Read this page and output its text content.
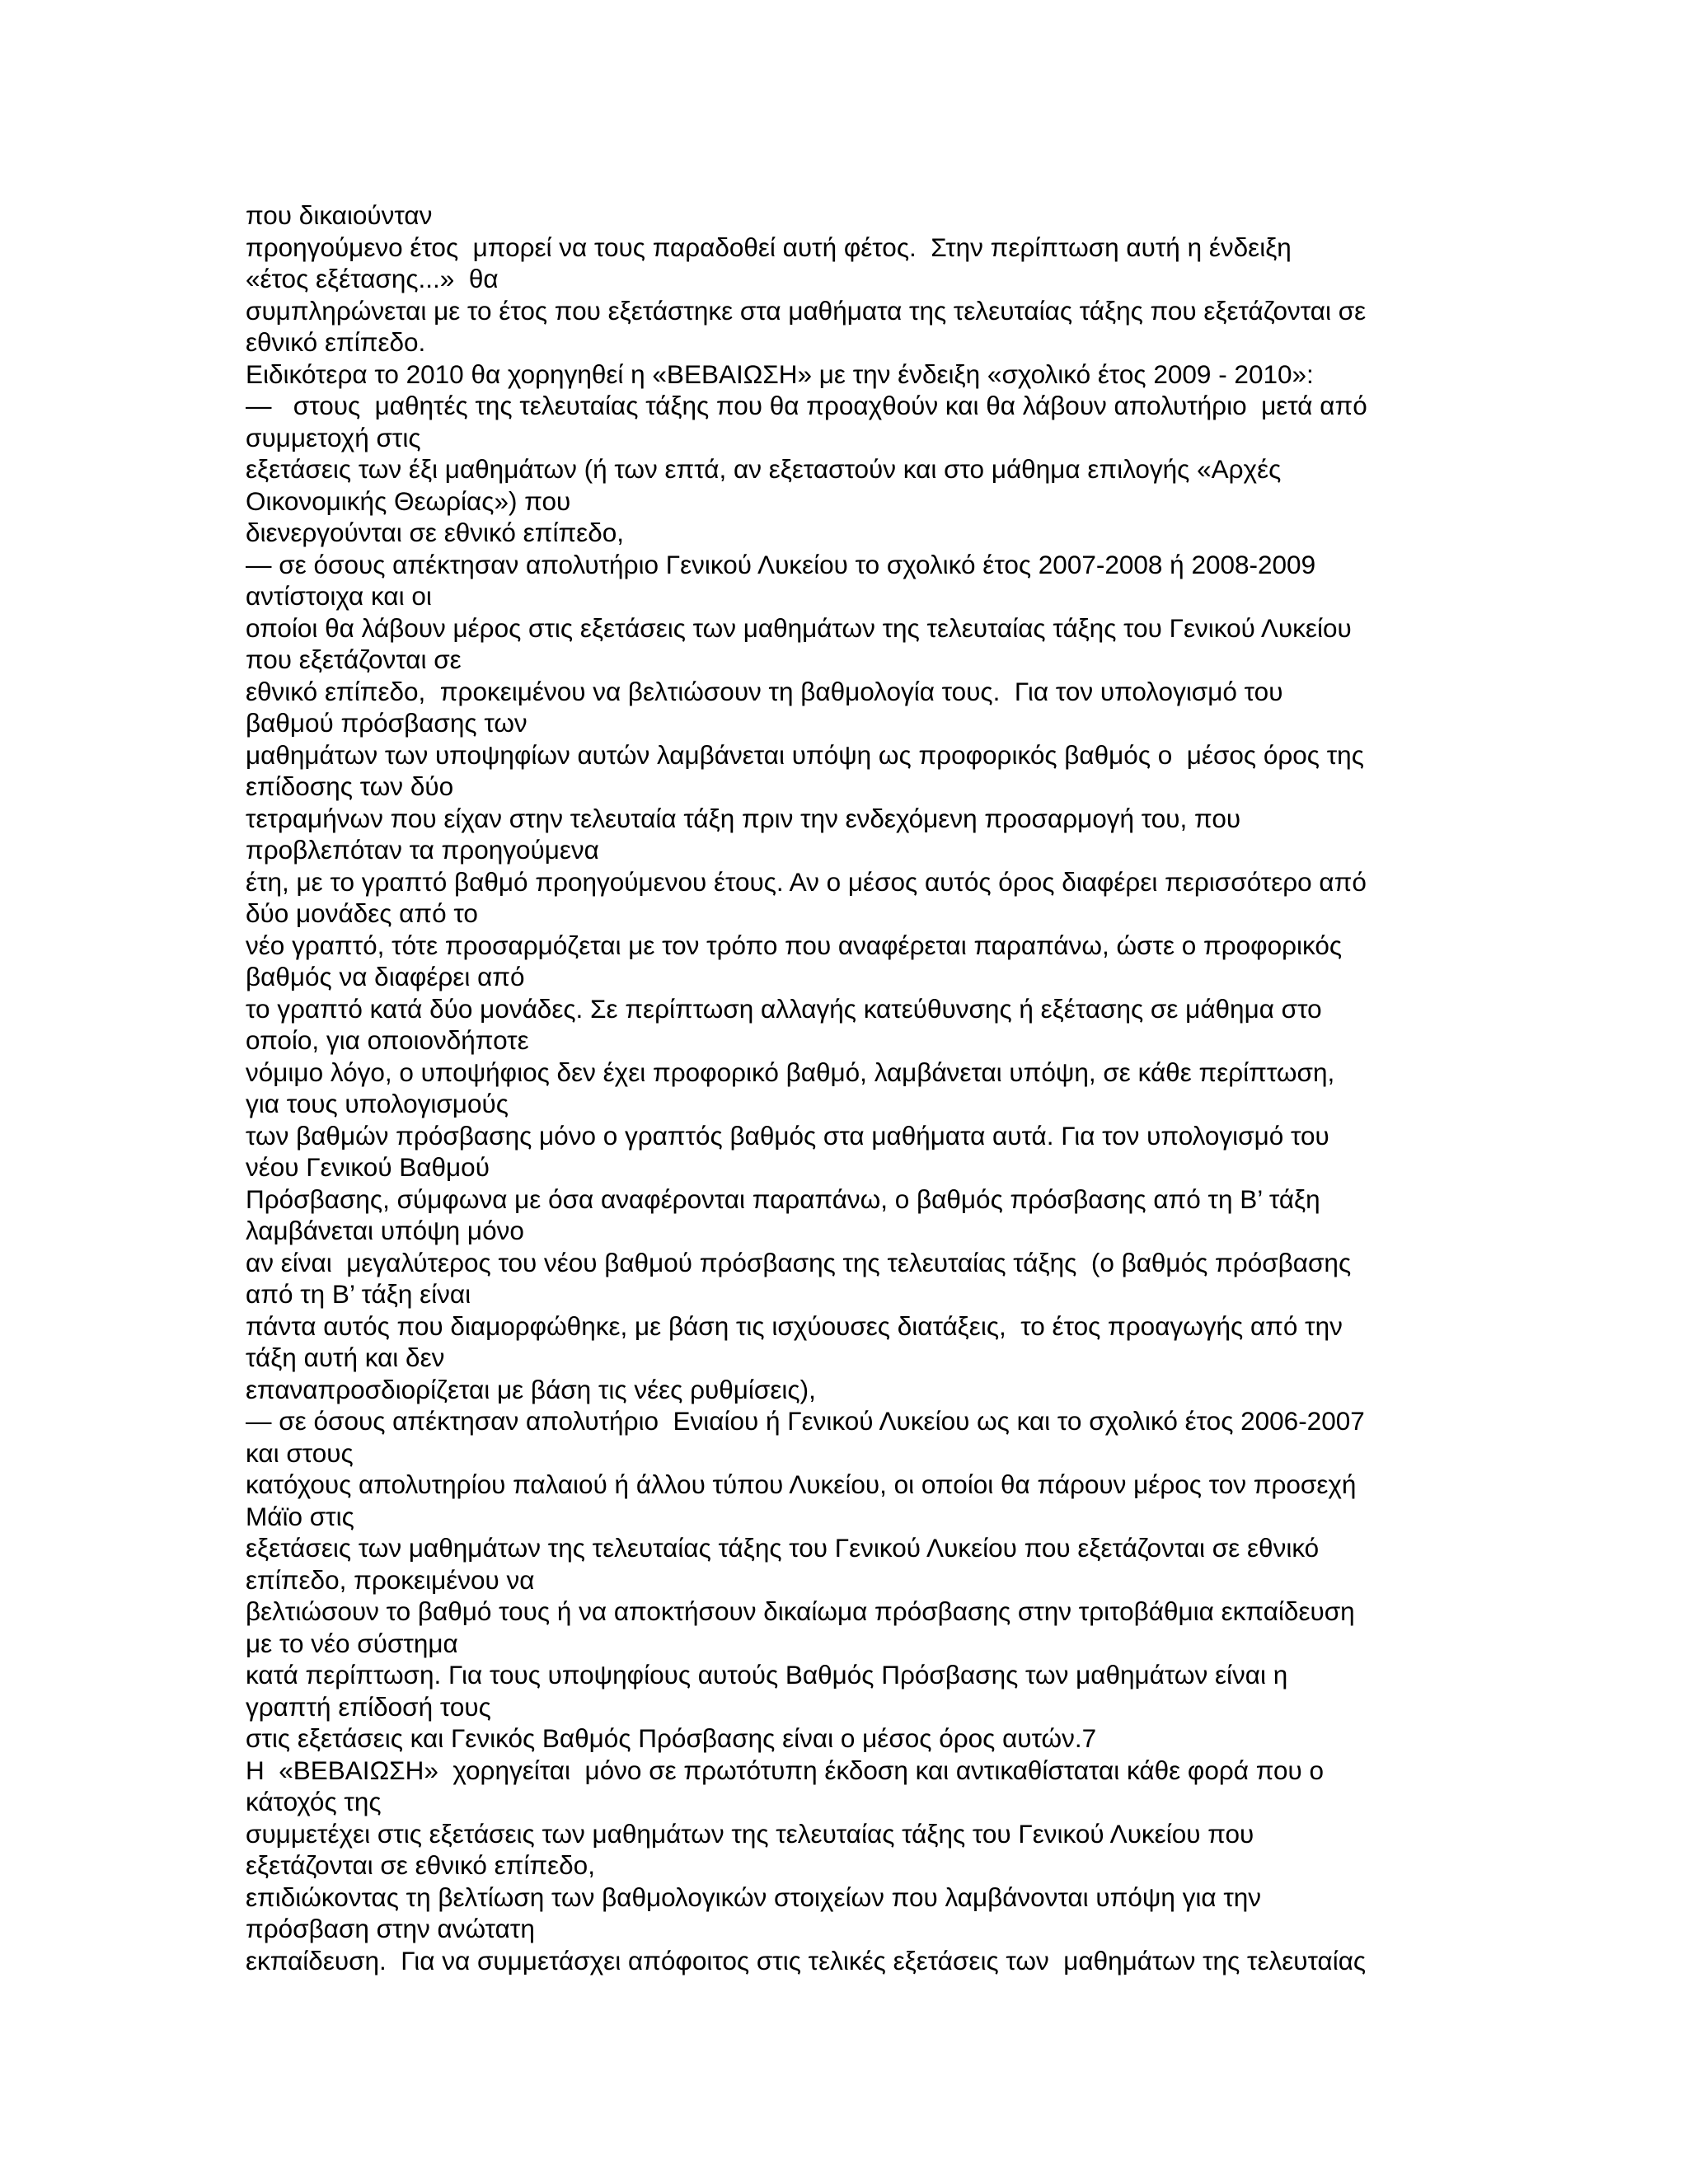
που δικαιούνταν
προηγούμενο έτος  μπορεί να τους παραδοθεί αυτή φέτος.  Στην περίπτωση αυτή η ένδειξη
«έτος εξέτασης...»  θα
συμπληρώνεται με το έτος που εξετάστηκε στα μαθήματα της τελευταίας τάξης που εξετάζονται σε
εθνικό επίπεδο.
Ειδικότερα το 2010 θα χορηγηθεί η «ΒΕΒΑΙΩΣΗ» με την ένδειξη «σχολικό έτος 2009 - 2010»:
—   στους  μαθητές της τελευταίας τάξης που θα προαχθούν και θα λάβουν απολυτήριο  μετά από
συμμετοχή στις
εξετάσεις των έξι μαθημάτων (ή των επτά, αν εξεταστούν και στο μάθημα επιλογής «Αρχές
Οικονομικής Θεωρίας») που
διενεργούνται σε εθνικό επίπεδο,
— σε όσους απέκτησαν απολυτήριο Γενικού Λυκείου το σχολικό έτος 2007-2008 ή 2008-2009
αντίστοιχα και οι
οποίοι θα λάβουν μέρος στις εξετάσεις των μαθημάτων της τελευταίας τάξης του Γενικού Λυκείου
που εξετάζονται σε
εθνικό επίπεδο,  προκειμένου να βελτιώσουν τη βαθμολογία τους.  Για τον υπολογισμό του
βαθμού πρόσβασης των
μαθημάτων των υποψηφίων αυτών λαμβάνεται υπόψη ως προφορικός βαθμός ο  μέσος όρος της
επίδοσης των δύο
τετραμήνων που είχαν στην τελευταία τάξη πριν την ενδεχόμενη προσαρμογή του, που
προβλεπόταν τα προηγούμενα
έτη, με το γραπτό βαθμό προηγούμενου έτους. Αν ο μέσος αυτός όρος διαφέρει περισσότερο από
δύο μονάδες από το
νέο γραπτό, τότε προσαρμόζεται με τον τρόπο που αναφέρεται παραπάνω, ώστε ο προφορικός
βαθμός να διαφέρει από
το γραπτό κατά δύο μονάδες. Σε περίπτωση αλλαγής κατεύθυνσης ή εξέτασης σε μάθημα στο
οποίο, για οποιονδήποτε
νόμιμο λόγο, ο υποψήφιος δεν έχει προφορικό βαθμό, λαμβάνεται υπόψη, σε κάθε περίπτωση,
για τους υπολογισμούς
των βαθμών πρόσβασης μόνο ο γραπτός βαθμός στα μαθήματα αυτά. Για τον υπολογισμό του
νέου Γενικού Βαθμού
Πρόσβασης, σύμφωνα με όσα αναφέρονται παραπάνω, ο βαθμός πρόσβασης από τη Β’ τάξη
λαμβάνεται υπόψη μόνο
αν είναι  μεγαλύτερος του νέου βαθμού πρόσβασης της τελευταίας τάξης  (ο βαθμός πρόσβασης
από τη Β’ τάξη είναι
πάντα αυτός που διαμορφώθηκε, με βάση τις ισχύουσες διατάξεις,  το έτος προαγωγής από την
τάξη αυτή και δεν
επαναπροσδιορίζεται με βάση τις νέες ρυθμίσεις),
— σε όσους απέκτησαν απολυτήριο  Ενιαίου ή Γενικού Λυκείου ως και το σχολικό έτος 2006-2007
και στους
κατόχους απολυτηρίου παλαιού ή άλλου τύπου Λυκείου, οι οποίοι θα πάρουν μέρος τον προσεχή
Μάϊο στις
εξετάσεις των μαθημάτων της τελευταίας τάξης του Γενικού Λυκείου που εξετάζονται σε εθνικό
επίπεδο, προκειμένου να
βελτιώσουν το βαθμό τους ή να αποκτήσουν δικαίωμα πρόσβασης στην τριτοβάθμια εκπαίδευση
με το νέο σύστημα
κατά περίπτωση. Για τους υποψηφίους αυτούς Βαθμός Πρόσβασης των μαθημάτων είναι η
γραπτή επίδοσή τους
στις εξετάσεις και Γενικός Βαθμός Πρόσβασης είναι ο μέσος όρος αυτών.7
Η  «ΒΕΒΑΙΩΣΗ»  χορηγείται  μόνο σε πρωτότυπη έκδοση και αντικαθίσταται κάθε φορά που ο
κάτοχός της
συμμετέχει στις εξετάσεις των μαθημάτων της τελευταίας τάξης του Γενικού Λυκείου που
εξετάζονται σε εθνικό επίπεδο,
επιδιώκοντας τη βελτίωση των βαθμολογικών στοιχείων που λαμβάνονται υπόψη για την
πρόσβαση στην ανώτατη
εκπαίδευση.  Για να συμμετάσχει απόφοιτος στις τελικές εξετάσεις των  μαθημάτων της τελευταίας
